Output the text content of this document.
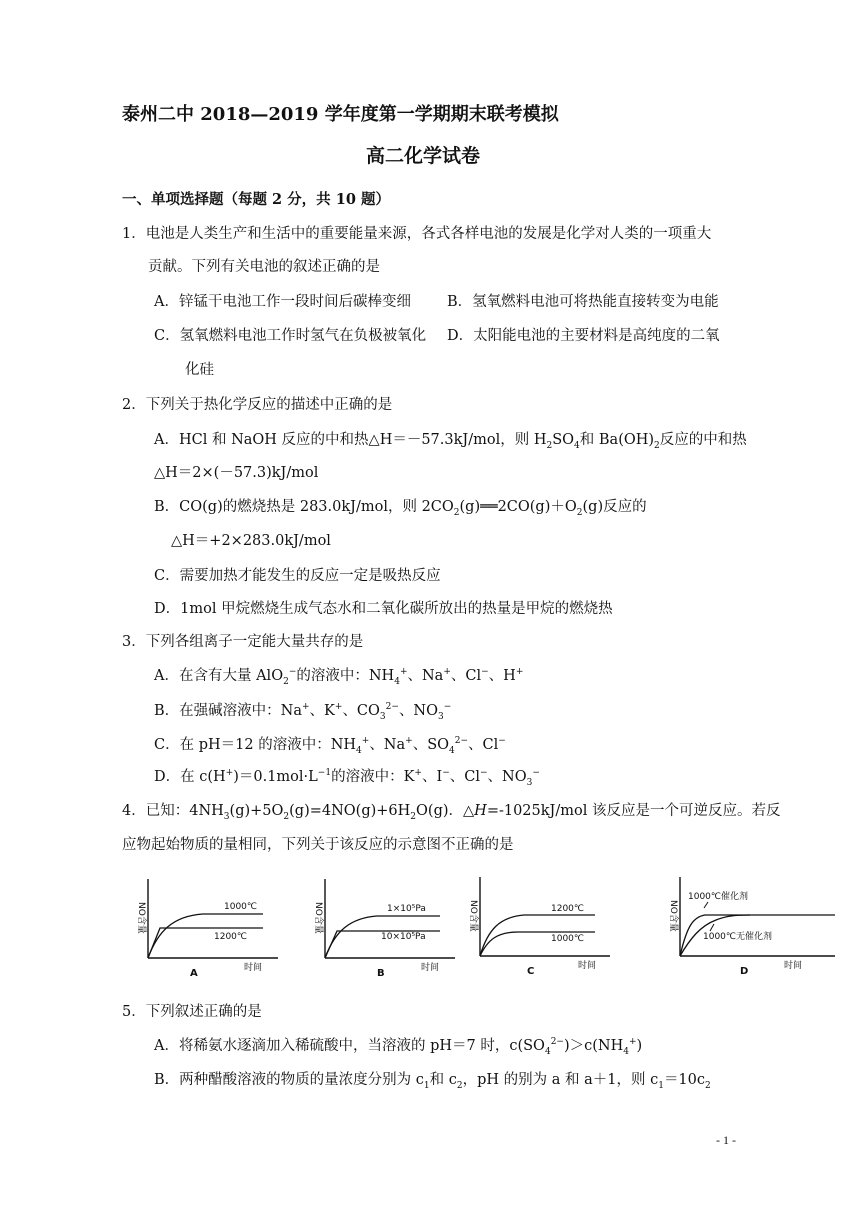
泰州二中 2018—2019 学年度第一学期期末联考模拟
高二化学试卷
一、单项选择题（每题 2 分，共 10 题）
1．电池是人类生产和生活中的重要能量来源，各式各样电池的发展是化学对人类的一项重大
贡献。下列有关电池的叙述正确的是
A．锌锰干电池工作一段时间后碳棒变细 B．氢氧燃料电池可将热能直接转变为电能
C．氢氧燃料电池工作时氢气在负极被氧化 D．太阳能电池的主要材料是高纯度的二氧
化硅
2．下列关于热化学反应的描述中正确的是
A．HCl 和 NaOH 反应的中和热△H＝－57.3kJ/mol，则 $H_2SO_4$和 $Ba(OH)_2$反应的中和热
△H＝2×(－57.3)kJ/mol
B．CO(g)的燃烧热是 283.0kJ/mol，则 $2CO_2(g)══2CO(g)+O_2(g)$反应的
△H＝+2×283.0kJ/mol
C．需要加热才能发生的反应一定是吸热反应
D．1mol 甲烷燃烧生成气态水和二氧化碳所放出的热量是甲烷的燃烧热
3．下列各组离子一定能大量共存的是
A．在含有大量 AlO$_2$−的溶液中：$NH_4^+$、Na+、Cl−、H+
B．在强碱溶液中：Na+、K+、$CO_3^{2-}$、$NO_3^-$
C．在 pH＝12 的溶液中：$NH_4^+$、Na+、$SO_4^{2-}$、Cl−
D．在 $c(H^+)=0.1mol\cdot L^{-1}$的溶液中：K+、I−、Cl−、$NO_3^-$
4．已知：$4NH_3(g)+5O_2(g)=4NO(g)+6H_2O(g)$．△H=-1025kJ/mol 该反应是一个可逆反应。若反
应物起始物质的量相同，下列关于该反应的示意图不正确的是
NO含量
时间
A
1000℃
1200℃
NO含量
时间
B
1×10⁵Pa
10×10⁵Pa
NO含量
时间
C
1200℃
1000℃
NO含量
时间
D
1000℃催化剂
1000℃无催化剂
5．下列叙述正确的是
A．将稀氨水逐滴加入稀硫酸中，当溶液的 pH＝7 时，$c(SO_4^{2-})>c(NH_4^+)$
B．两种醋酸溶液的物质的量浓度分别为 $c_1$和 $c_2$，pH 的别为 a 和 a＋1，则 $c_1=10c_2$
- 1 -
